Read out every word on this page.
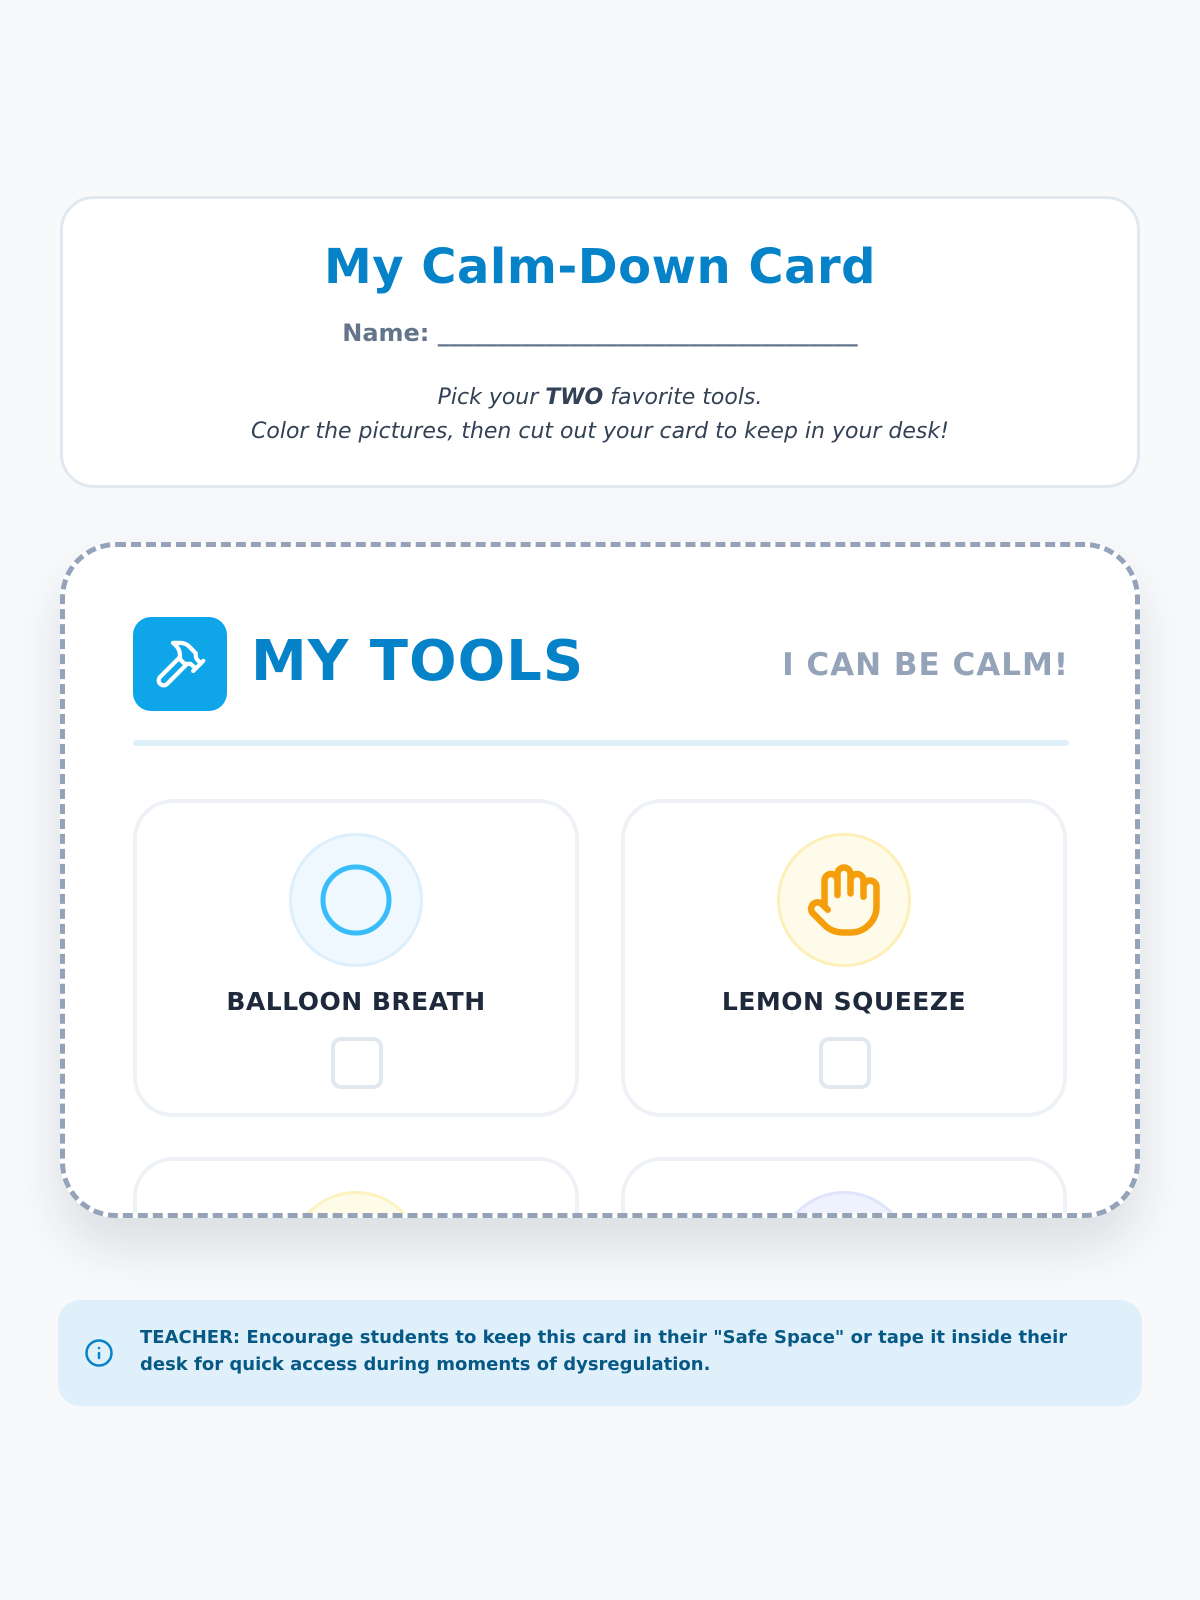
My Calm-Down Card
Name: ___________________________________
Pick your TWO favorite tools.
Color the pictures, then cut out your card to keep in your desk!
MY TOOLS	I CAN BE CALM!
BALLOON BREATH	LEMON SQUEEZE
TEACHER: Encourage students to keep this card in their "Safe Space" or tape it inside their desk for quick access during moments of dysregulation.
